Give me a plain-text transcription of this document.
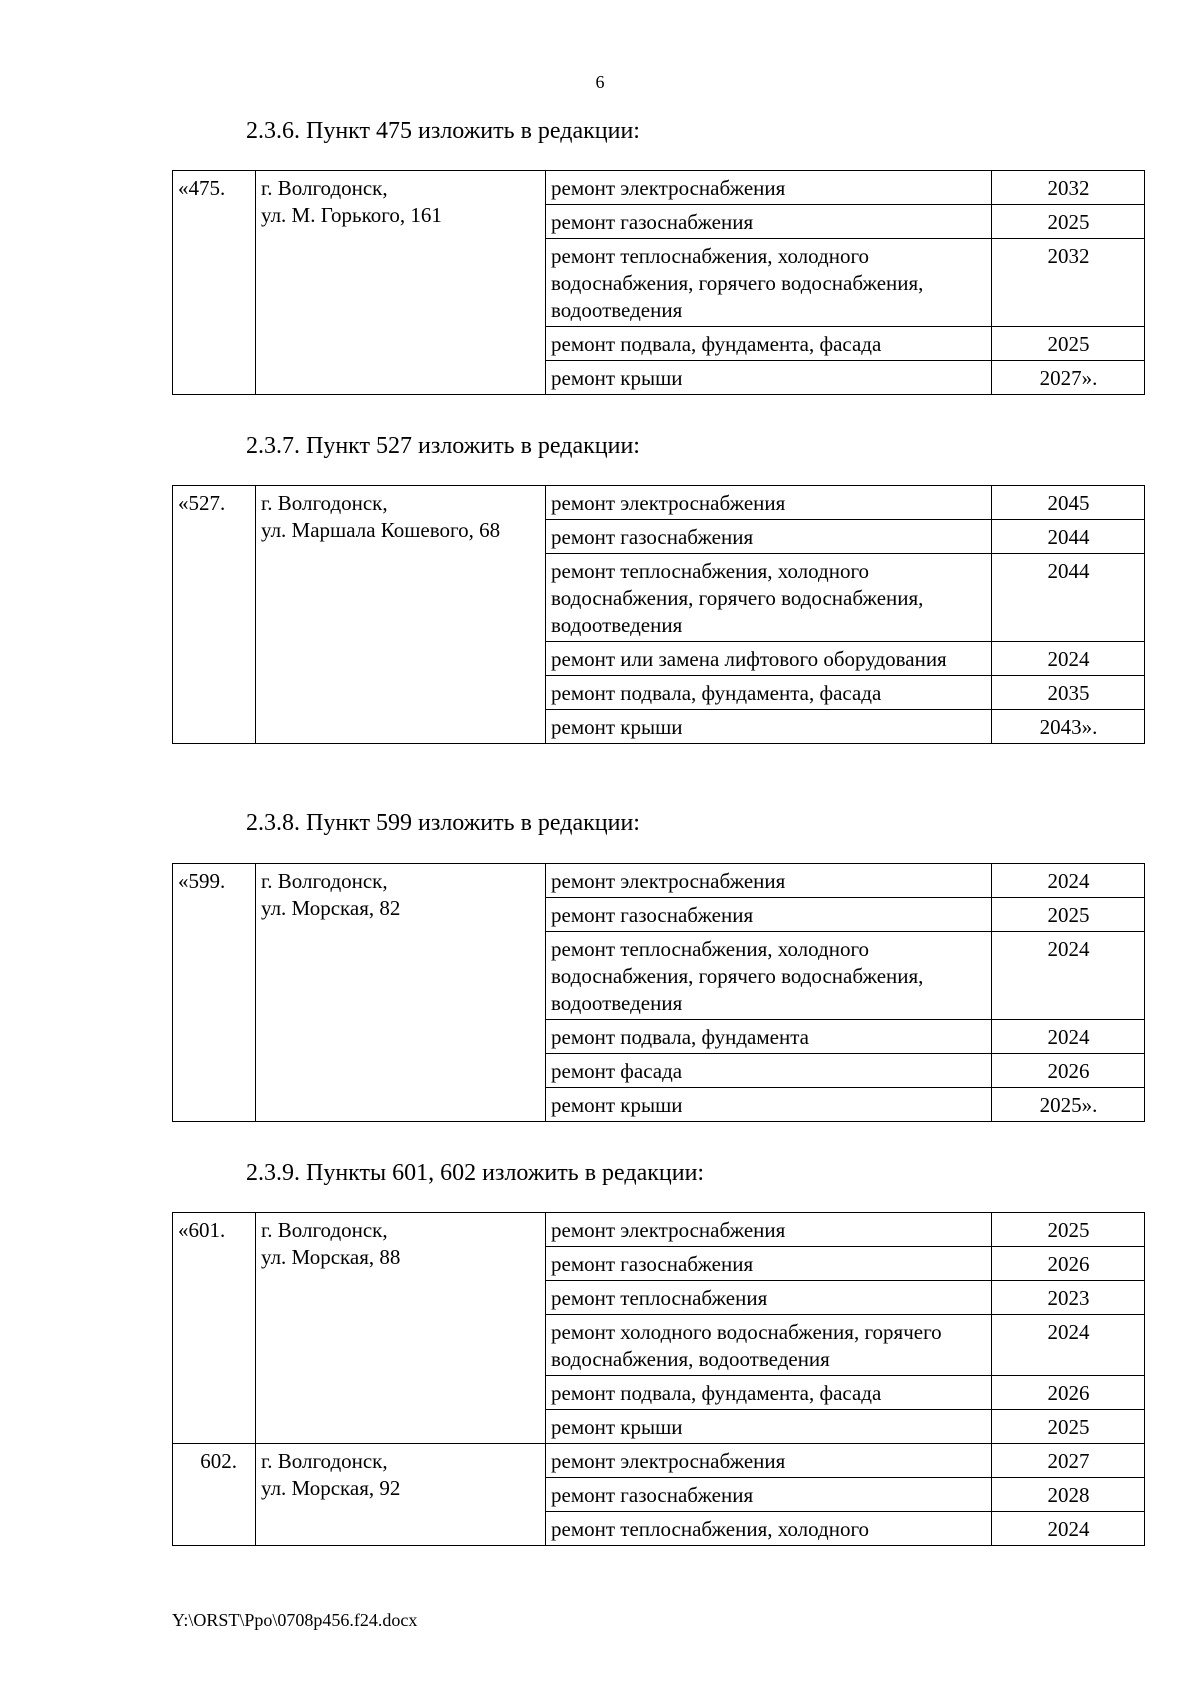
6
2.3.6. Пункт 475 изложить в редакции:
«475.	г. Волгодонск,
ул. М. Горького, 161	ремонт электроснабжения	2032
		ремонт газоснабжения	2025
		ремонт теплоснабжения, холодного водоснабжения, горячего водоснабжения, водоотведения	2032
		ремонт подвала, фундамента, фасада	2025
		ремонт крыши	2027».
2.3.7. Пункт 527 изложить в редакции:
«527.	г. Волгодонск,
ул. Маршала Кошевого, 68	ремонт электроснабжения	2045
		ремонт газоснабжения	2044
		ремонт теплоснабжения, холодного водоснабжения, горячего водоснабжения, водоотведения	2044
		ремонт или замена лифтового оборудования	2024
		ремонт подвала, фундамента, фасада	2035
		ремонт крыши	2043».
2.3.8. Пункт 599 изложить в редакции:
«599.	г. Волгодонск,
ул. Морская, 82	ремонт электроснабжения	2024
		ремонт газоснабжения	2025
		ремонт теплоснабжения, холодного водоснабжения, горячего водоснабжения, водоотведения	2024
		ремонт подвала, фундамента	2024
		ремонт фасада	2026
		ремонт крыши	2025».
2.3.9. Пункты 601, 602 изложить в редакции:
«601.	г. Волгодонск,
ул. Морская, 88	ремонт электроснабжения	2025
		ремонт газоснабжения	2026
		ремонт теплоснабжения	2023
		ремонт холодного водоснабжения, горячего водоснабжения, водоотведения	2024
		ремонт подвала, фундамента, фасада	2026
		ремонт крыши	2025
602.	г. Волгодонск,
ул. Морская, 92	ремонт электроснабжения	2027
		ремонт газоснабжения	2028
		ремонт теплоснабжения, холодного	2024
Y:\ORST\Ppo\0708p456.f24.docx
